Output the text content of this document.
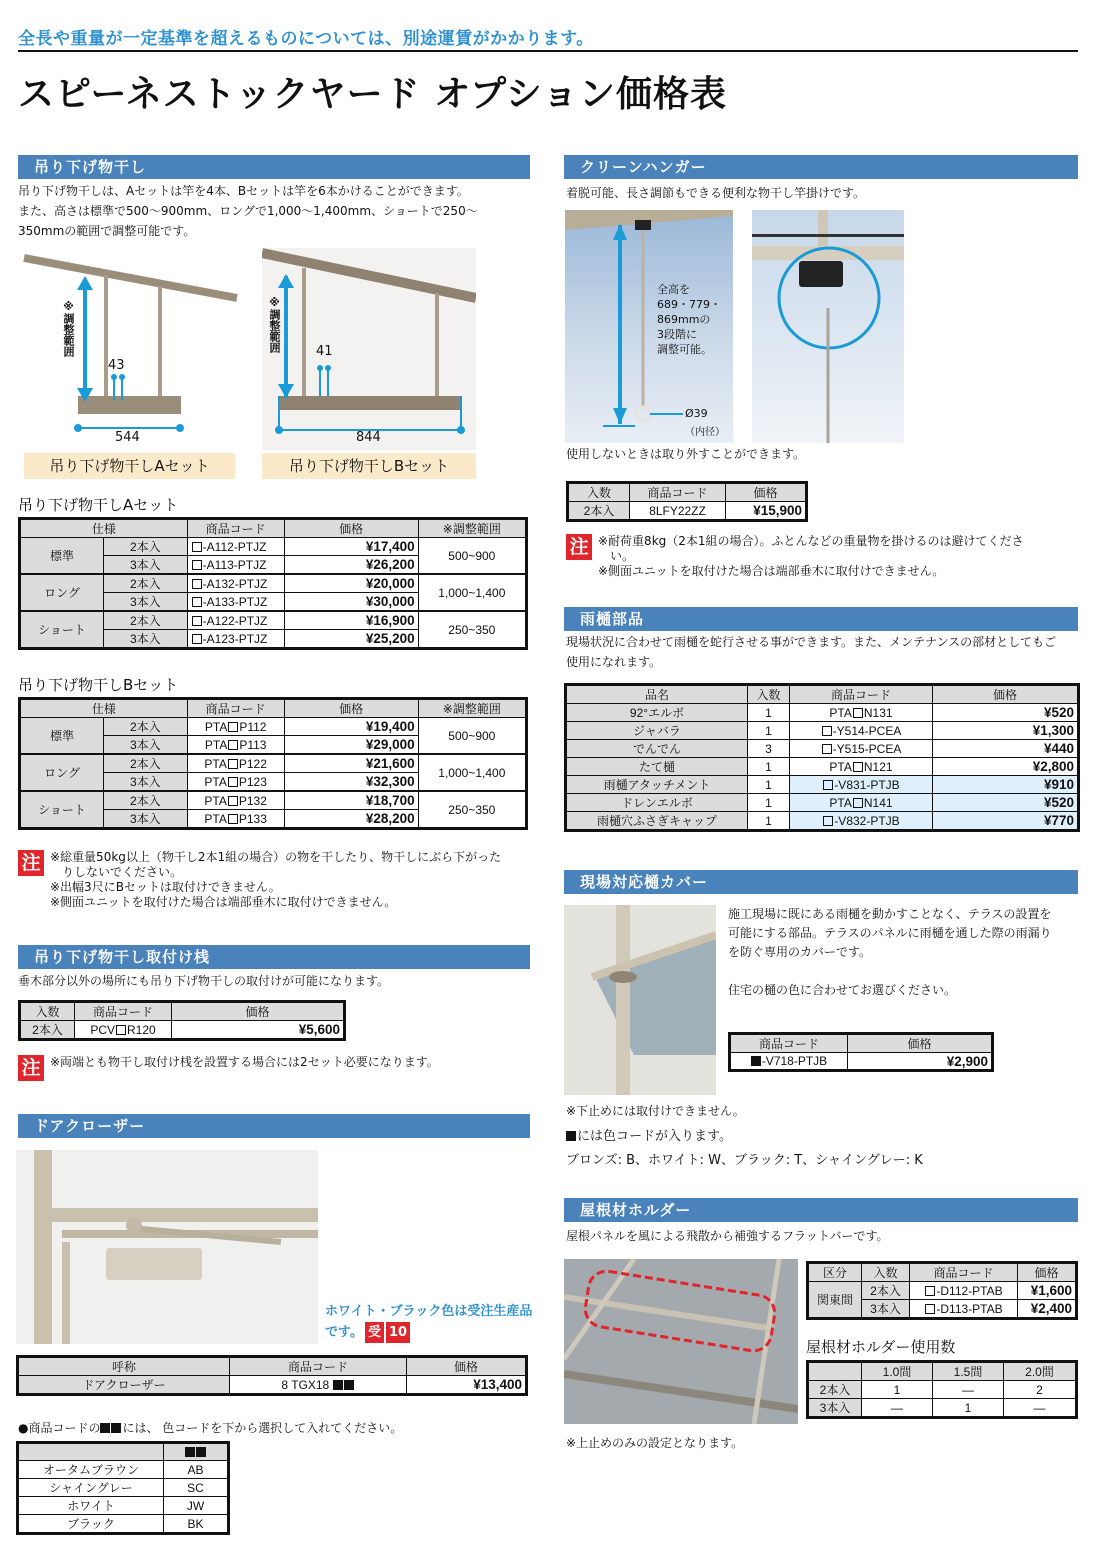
全長や重量が一定基準を超えるものについては、別途運賃がかかります。
スピーネストックヤード オプション価格表
吊り下げ物干し
吊り下げ物干しは、Aセットは竿を4本、Bセットは竿を6本かけることができます。
また、高さは標準で500〜900mm、ロングで1,000〜1,400mm、ショートで250〜
350mmの範囲で調整可能です。
※調整範囲
43
544
吊り下げ物干しAセット
※調整範囲	41
844
吊り下げ物干しBセット
吊り下げ物干しAセット
仕様		商品コード	価格	※調整範囲
標準	2本入	-A112-PTJZ	¥17,400	500~900
	3本入	-A113-PTJZ	¥26,200	
ロング	2本入	-A132-PTJZ	¥20,000	1,000~1,400
	3本入	-A133-PTJZ	¥30,000	
ショート	2本入	-A122-PTJZ	¥16,900	250~350
	3本入	-A123-PTJZ	¥25,200	
吊り下げ物干しBセット
仕様		商品コード	価格	※調整範囲
標準	2本入	PTA P112	¥19,400	500~900
	3本入	PTA P113	¥29,000	
ロング	2本入	PTA P122	¥21,600	1,000~1,400
	3本入	PTA P123	¥32,300	
ショート	2本入	PTA P132	¥18,700	250~350
	3本入	PTA P133	¥28,200	
注 ※総重量50kg以上（物干し2本1組の場合）の物を干したり、物干しにぶら下がった
　りしないでください。
※出幅3尺にBセットは取付けできません。
※側面ユニットを取付けた場合は端部垂木に取付けできません。
吊り下げ物干し取付け桟
垂木部分以外の場所にも吊り下げ物干しの取付けが可能になります。
入数	商品コード	価格
2本入	PCV R120	¥5,600
注 ※両端とも物干し取付け桟を設置する場合には2セット必要になります。
ドアクローザー
ホワイト・ブラック色は受注生産品
です。 受 10
呼称	商品コード	価格
ドアクローザー	8 TGX18	¥13,400
●商品コードの には、 色コードを下から選択して入れてください。

オータムブラウン	AB
シャイングレー	SC
ホワイト	JW
ブラック	BK
クリーンハンガー
着脱可能、長さ調節もできる便利な物干し竿掛けです。
全高を
689・779・
869mmの
3段階に
調整可能。
Ø39
（内径）
使用しないときは取り外すことができます。
入数	商品コード	価格
2本入	8LFY22ZZ	¥15,900
注 ※耐荷重8kg（2本1組の場合）。ふとんなどの重量物を掛けるのは避けてくださ
　い。
※側面ユニットを取付けた場合は端部垂木に取付けできません。
雨樋部品
現場状況に合わせて雨樋を蛇行させる事ができます。また、メンテナンスの部材としてもご
使用になれます。
品名	入数	商品コード	価格
92°エルボ	1	PTA N131	¥520
ジャバラ	1	-Y514-PCEA	¥1,300
でんでん	3	-Y515-PCEA	¥440
たて樋	1	PTA N121	¥2,800
雨樋アタッチメント	1	-V831-PTJB	¥910
ドレンエルボ	1	PTA N141	¥520
雨樋穴ふさぎキャップ	1	-V832-PTJB	¥770
現場対応樋カバー
施工現場に既にある雨樋を動かすことなく、テラスの設置を
可能にする部品。テラスのパネルに雨樋を通した際の雨漏り
を防ぐ専用のカバーです。
住宅の樋の色に合わせてお選びください。
商品コード	価格
-V718-PTJB	¥2,900
※下止めには取付けできません。
には色コードが入ります。
ブロンズ: B、ホワイト: W、ブラック: T、シャイングレー: K
屋根材ホルダー
屋根パネルを風による飛散から補強するフラットバーです。
区分	入数	商品コード	価格
関東間	2本入	-D112-PTAB	¥1,600
	3本入	-D113-PTAB	¥2,400
屋根材ホルダー使用数
	1.0間	1.5間	2.0間
2本入	1	—	2
3本入	—	1	—
※上止めのみの設定となります。
